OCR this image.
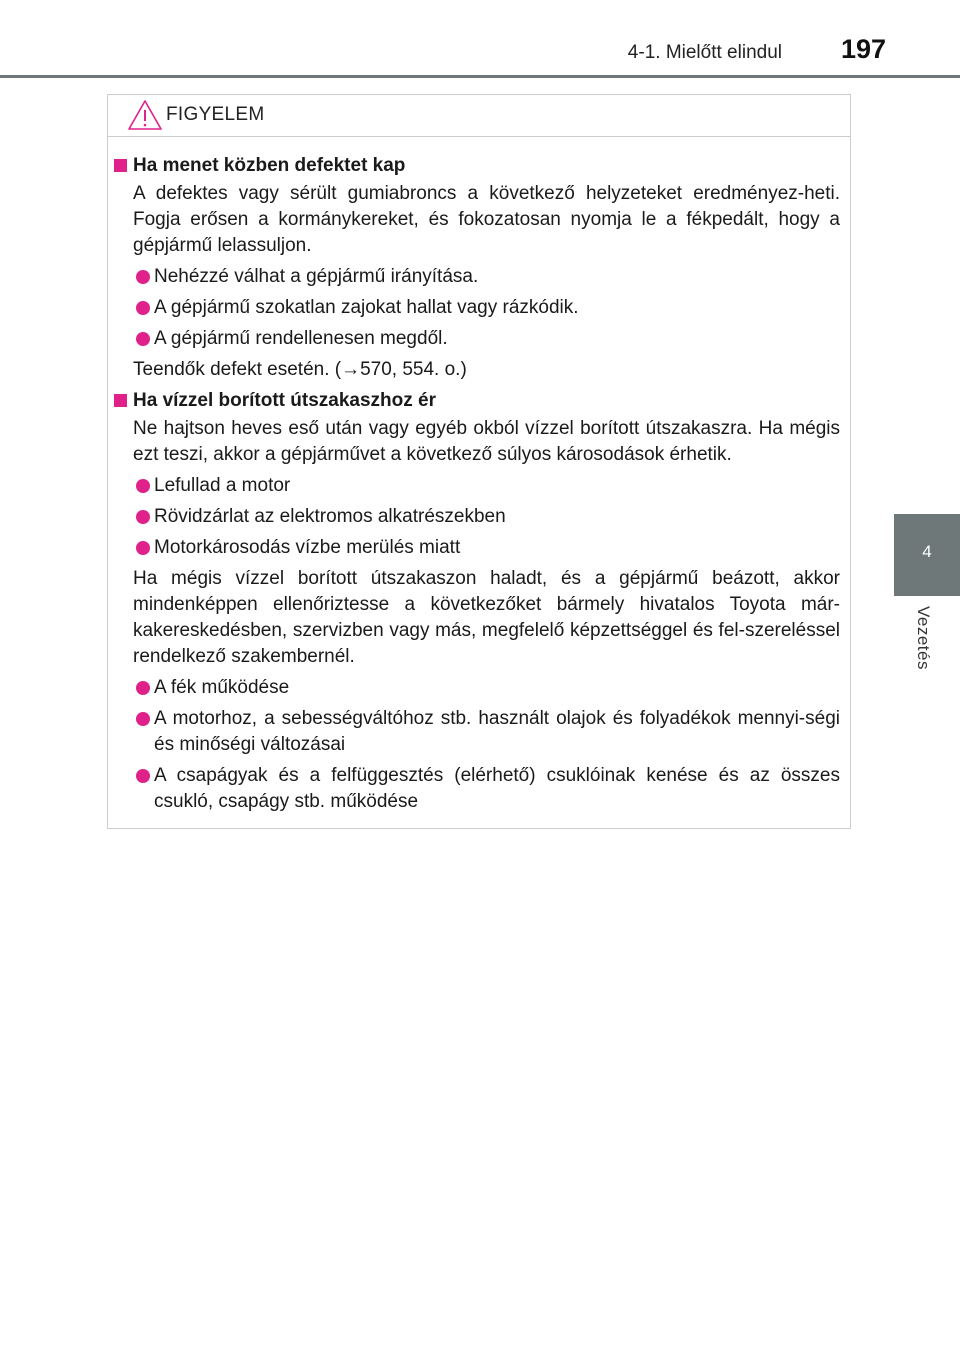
4-1. Mielőtt elindul 197
4
Vezetés
FIGYELEM
Ha menet közben defektet kap
A defektes vagy sérült gumiabroncs a következő helyzeteket eredményez-heti. Fogja erősen a kormánykereket, és fokozatosan nyomja le a fékpedált, hogy a gépjármű lelassuljon.
Nehézzé válhat a gépjármű irányítása.
A gépjármű szokatlan zajokat hallat vagy rázkódik.
A gépjármű rendellenesen megdől.
Teendők defekt esetén. (→570, 554. o.)
Ha vízzel borított útszakaszhoz ér
Ne hajtson heves eső után vagy egyéb okból vízzel borított útszakaszra. Ha mégis ezt teszi, akkor a gépjárművet a következő súlyos károsodások érhetik.
Lefullad a motor
Rövidzárlat az elektromos alkatrészekben
Motorkárosodás vízbe merülés miatt
Ha mégis vízzel borított útszakaszon haladt, és a gépjármű beázott, akkor mindenképpen ellenőriztesse a következőket bármely hivatalos Toyota már-kakereskedésben, szervizben vagy más, megfelelő képzettséggel és fel-szereléssel rendelkező szakembernél.
A fék működése
A motorhoz, a sebességváltóhoz stb. használt olajok és folyadékok mennyi-ségi és minőségi változásai
A csapágyak és a felfüggesztés (elérhető) csuklóinak kenése és az összes csukló, csapágy stb. működése
